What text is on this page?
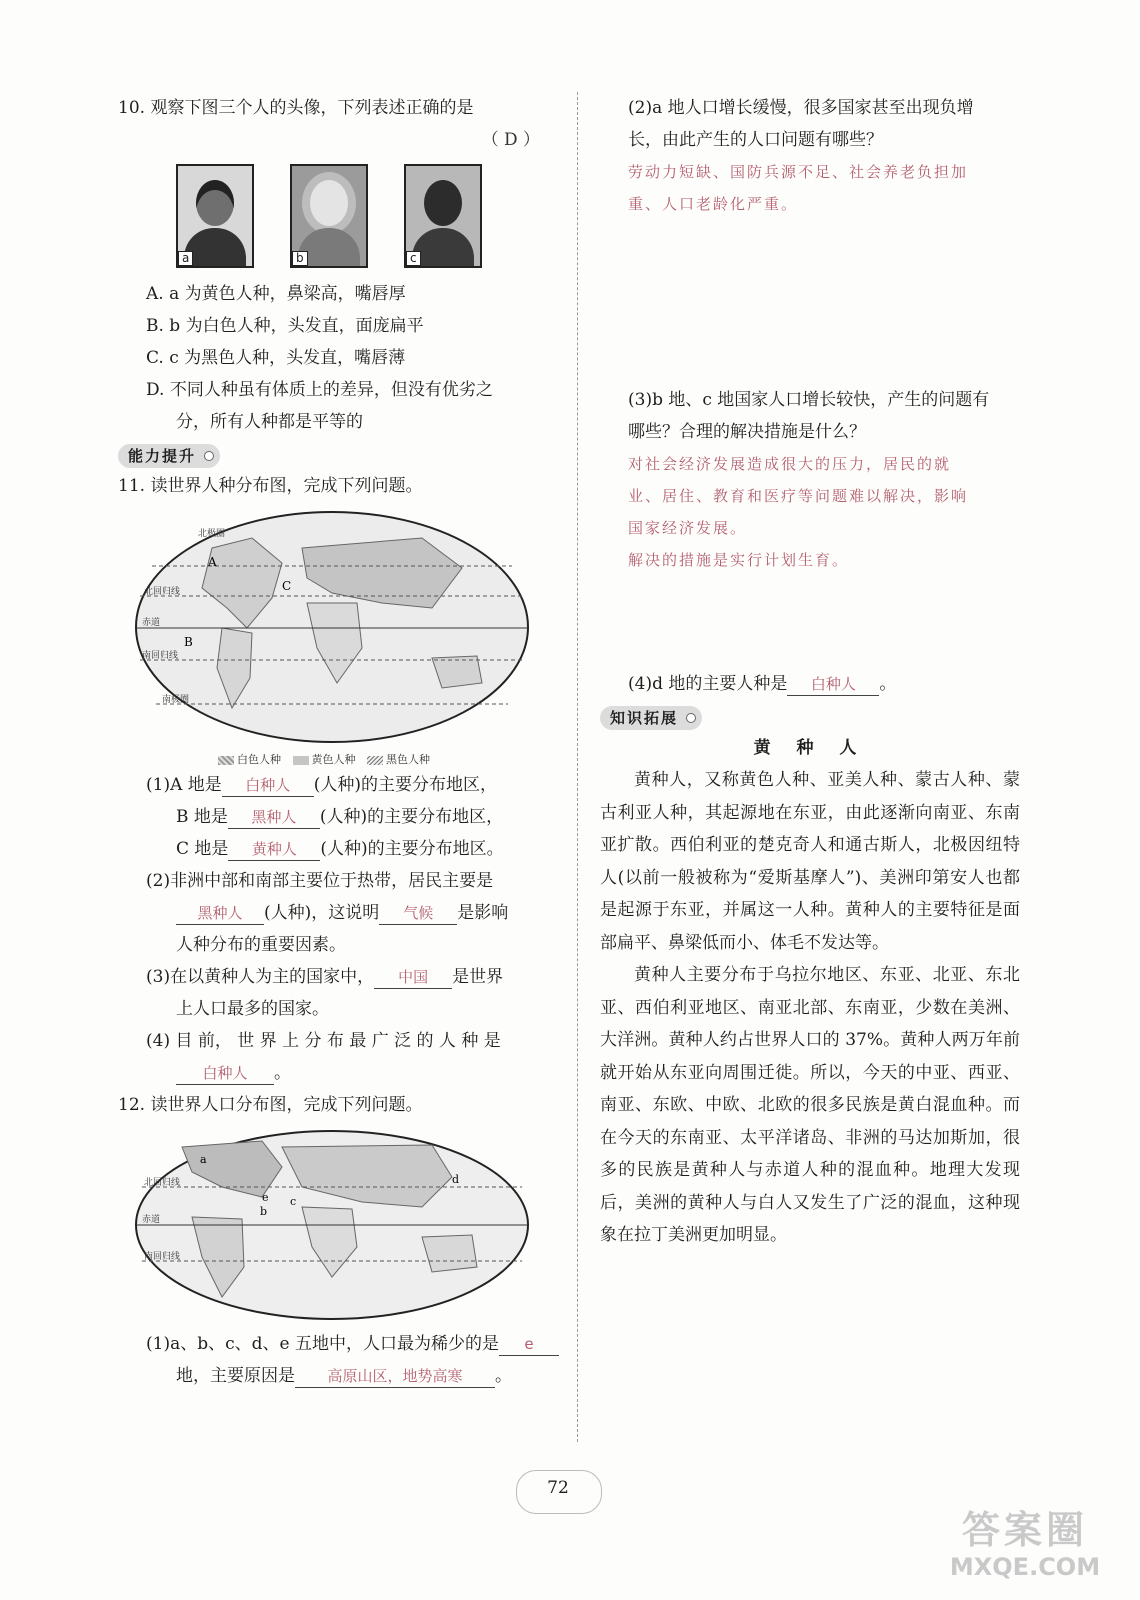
10. 观察下图三个人的头像，下列表述正确的是
（ D ）
a	b	c
A. a 为黄色人种，鼻梁高，嘴唇厚
B. b 为白色人种，头发直，面庞扁平
C. c 为黑色人种，头发直，嘴唇薄
D. 不同人种虽有体质上的差异，但没有优劣之
分，所有人种都是平等的
能力提升
11. 读世界人种分布图，完成下列问题。
A
B
C
北极圈
北回归线
赤道
南回归线
南极圈
白色人种	黄色人种	黑色人种
(1)A 地是 白种人 (人种)的主要分布地区，
B 地是 黑种人 (人种)的主要分布地区，
C 地是 黄种人 (人种)的主要分布地区。
(2)非洲中部和南部主要位于热带，居民主要是
黑种人 (人种)，这说明 气候 是影响
人种分布的重要因素。
(3)在以黄种人为主的国家中， 中国 是世界
上人口最多的国家。
(4) 目 前， 世 界 上 分 布 最 广 泛 的 人 种 是
白种人 。
12. 读世界人口分布图，完成下列问题。
a
b
c
d
e
北回归线
赤道
南回归线
(1)a、b、c、d、e 五地中，人口最为稀少的是 e
地，主要原因是 高原山区，地势高寒 。
(2)a 地人口增长缓慢，很多国家甚至出现负增
长，由此产生的人口问题有哪些？
劳动力短缺、国防兵源不足、社会养老负担加
重、人口老龄化严重。
(3)b 地、c 地国家人口增长较快，产生的问题有
哪些？合理的解决措施是什么？
对社会经济发展造成很大的压力，居民的就
业、居住、教育和医疗等问题难以解决，影响
国家经济发展。
解决的措施是实行计划生育。
(4)d 地的主要人种是 白种人 。
知识拓展
黄 种 人
黄种人，又称黄色人种、亚美人种、蒙古人种、蒙古利亚人种，其起源地在东亚，由此逐渐向南亚、东南亚扩散。西伯利亚的楚克奇人和通古斯人，北极因纽特人(以前一般被称为“爱斯基摩人”)、美洲印第安人也都是起源于东亚，并属这一人种。黄种人的主要特征是面部扁平、鼻梁低而小、体毛不发达等。
黄种人主要分布于乌拉尔地区、东亚、北亚、东北亚、西伯利亚地区、南亚北部、东南亚，少数在美洲、大洋洲。黄种人约占世界人口的 37%。黄种人两万年前就开始从东亚向周围迁徙。所以，今天的中亚、西亚、南亚、东欧、中欧、北欧的很多民族是黄白混血种。而在今天的东南亚、太平洋诸岛、非洲的马达加斯加，很多的民族是黄种人与赤道人种的混血种。地理大发现后，美洲的黄种人与白人又发生了广泛的混血，这种现象在拉丁美洲更加明显。
72
答案圈
MXQE.COM
